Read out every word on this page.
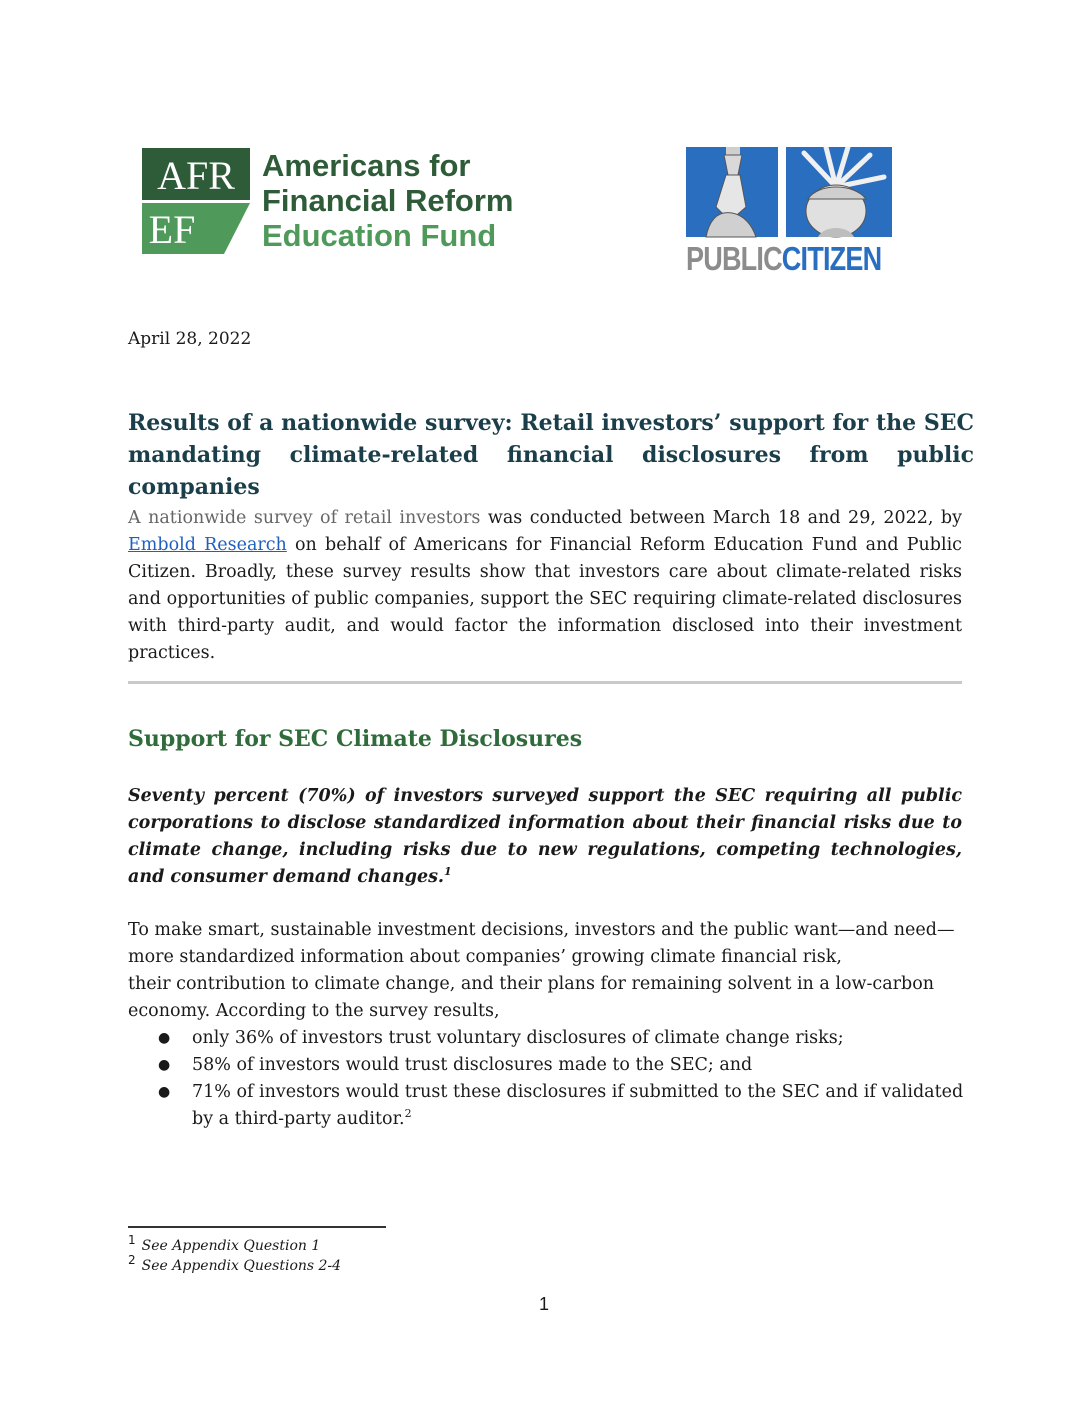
AFR
EF
Americans for
Financial Reform
Education Fund
PUBLICCITIZEN
April 28, 2022
Results of a nationwide survey: Retail investors’ support for the SEC
mandating climate-related financial disclosures from public companies

A nationwide survey of retail investors was conducted between March 18 and 29, 2022, by Embold Research on behalf of Americans for Financial Reform Education Fund and Public Citizen. Broadly, these survey results show that investors care about climate-related risks and opportunities of public companies, support the SEC requiring climate-related disclosures with third-party audit, and would factor the information disclosed into their investment practices.

Support for SEC Climate Disclosures

Seventy percent (70%) of investors surveyed support the SEC requiring all public corporations to disclose standardized information about their financial risks due to climate change, including risks due to new regulations, competing technologies, and consumer demand changes.$^1$

To make smart, sustainable investment decisions, investors and the public want—and need—
more standardized information about companies’ growing climate financial risk,
their contribution to climate change, and their plans for remaining solvent in a low-carbon
economy. According to the survey results,

● only 36% of investors trust voluntary disclosures of climate change risks;
● 58% of investors would trust disclosures made to the SEC; and
● 71% of investors would trust these disclosures if submitted to the SEC and if validated by a third-party auditor.$^2$
1 See Appendix Question 1
2 See Appendix Questions 2-4
1
